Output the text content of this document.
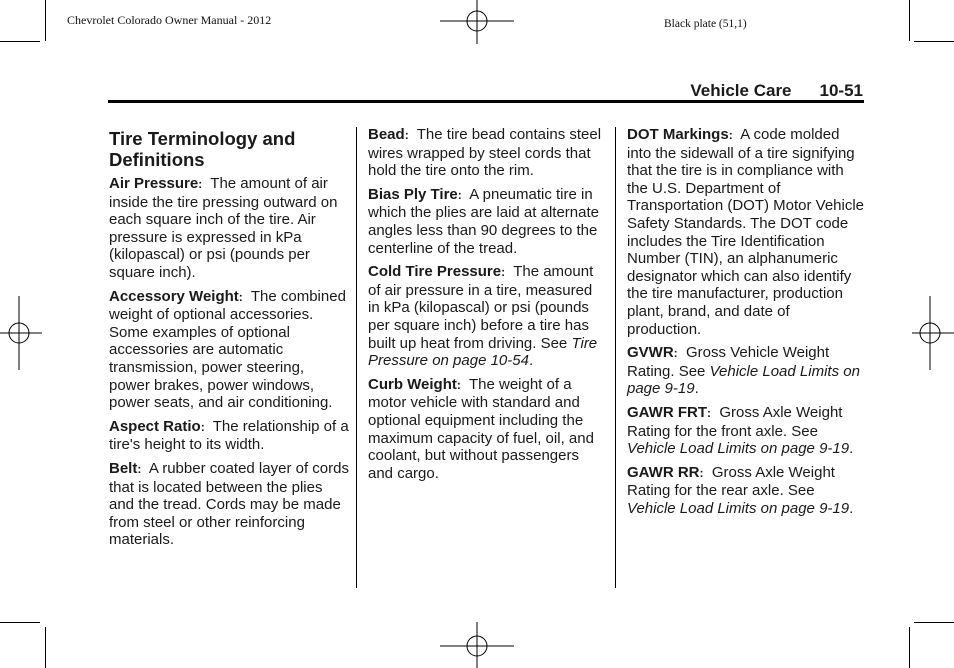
Chevrolet Colorado Owner Manual - 2012	Black plate (51,1)
Vehicle Care 10-51
Tire Terminology and Definitions

Air Pressure: The amount of air inside the tire pressing outward on each square inch of the tire. Air pressure is expressed in kPa (kilopascal) or psi (pounds per square inch).

Accessory Weight: The combined weight of optional accessories. Some examples of optional accessories are automatic transmission, power steering, power brakes, power windows, power seats, and air conditioning.

Aspect Ratio: The relationship of a tire's height to its width.

Belt: A rubber coated layer of cords that is located between the plies and the tread. Cords may be made from steel or other reinforcing materials.

Bead: The tire bead contains steel wires wrapped by steel cords that hold the tire onto the rim.

Bias Ply Tire: A pneumatic tire in which the plies are laid at alternate angles less than 90 degrees to the centerline of the tread.

Cold Tire Pressure: The amount of air pressure in a tire, measured in kPa (kilopascal) or psi (pounds per square inch) before a tire has built up heat from driving. See Tire Pressure on page 10-54.

Curb Weight: The weight of a motor vehicle with standard and optional equipment including the maximum capacity of fuel, oil, and coolant, but without passengers and cargo.

DOT Markings: A code molded into the sidewall of a tire signifying that the tire is in compliance with the U.S. Department of Transportation (DOT) Motor Vehicle Safety Standards. The DOT code includes the Tire Identification Number (TIN), an alphanumeric designator which can also identify the tire manufacturer, production plant, brand, and date of production.

GVWR: Gross Vehicle Weight Rating. See Vehicle Load Limits on page 9-19.

GAWR FRT: Gross Axle Weight Rating for the front axle. See Vehicle Load Limits on page 9-19.

GAWR RR: Gross Axle Weight Rating for the rear axle. See Vehicle Load Limits on page 9-19.
